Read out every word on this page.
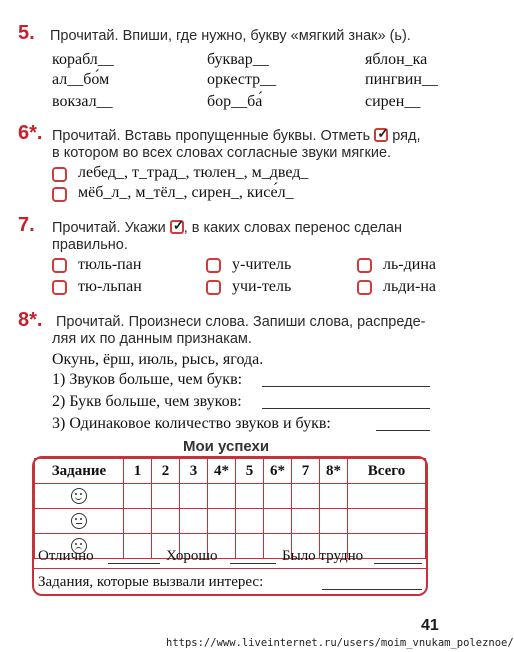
5. Прочитай. Впиши, где нужно, букву «мягкий знак» (ь).
корабл__	буквар__	яблон_ка
ал__бо́м	оркестр__	пингвин__
вокзал__	бор__ба́	сирен__
6*. Прочитай. Вставь пропущенные буквы. Отметь ✓ ряд,
в котором во всех словах согласные звуки мягкие.
лебед_, т_трад_, тюлен_, м_двед_
мёб_л_, м_тёл_, сирен_, кисе́л_
7. Прочитай. Укажи ✓ , в каких словах перенос сделан
правильно.
тюль-пан	у-читель	ль-дина
тю-льпан	учи-тель	льди-на
8*. Прочитай. Произнеси слова. Запиши слова, распреде-
ляя их по данным признакам.
Окунь, ёрш, июль, рысь, ягода.
1) Звуков больше, чем букв:
2) Букв больше, чем звуков:
3) Одинаковое количество звуков и букв:
Мои успехи
Задание	1	2	3	4*	5	6*	7	8*	Всего

Отлично	Хорошо	Было трудно
Задания, которые вызвали интерес:
41
https://www.liveinternet.ru/users/moim_vnukam_poleznoe/
